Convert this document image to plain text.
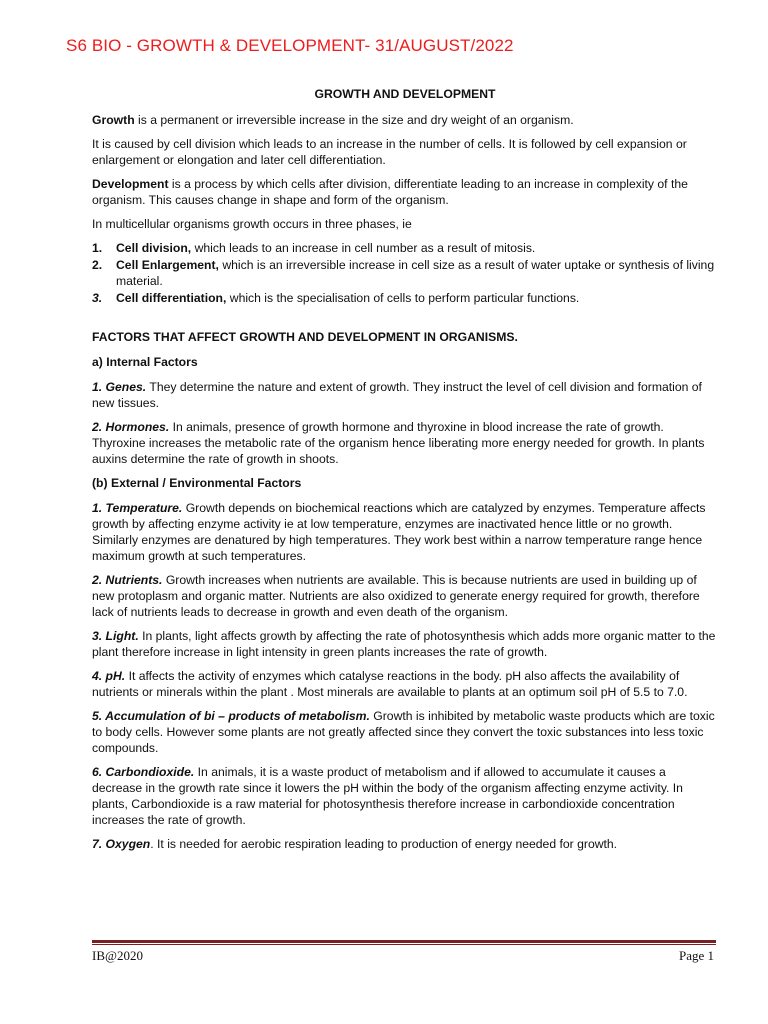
S6 BIO - GROWTH & DEVELOPMENT- 31/AUGUST/2022
GROWTH AND DEVELOPMENT

Growth is a permanent or irreversible increase in the size and dry weight of an organism.

It is caused by cell division which leads to an increase in the number of cells. It is followed by cell expansion or enlargement or elongation and later cell differentiation.

Development is a process by which cells after division, differentiate leading to an increase in complexity of the organism. This causes change in shape and form of the organism.

In multicellular organisms growth occurs in three phases, ie

1. Cell division, which leads to an increase in cell number as a result of mitosis.
2. Cell Enlargement, which is an irreversible increase in cell size as a result of water uptake or synthesis of living material.
3. Cell differentiation, which is the specialisation of cells to perform particular functions.
FACTORS THAT AFFECT GROWTH AND DEVELOPMENT IN ORGANISMS.
a) Internal Factors

1. Genes. They determine the nature and extent of growth. They instruct the level of cell division and formation of new tissues.

2. Hormones. In animals, presence of growth hormone and thyroxine in blood increase the rate of growth. Thyroxine increases the metabolic rate of the organism hence liberating more energy needed for growth. In plants auxins determine the rate of growth in shoots.

(b) External / Environmental Factors

1. Temperature. Growth depends on biochemical reactions which are catalyzed by enzymes. Temperature affects growth by affecting enzyme activity ie at low temperature, enzymes are inactivated hence little or no growth. Similarly enzymes are denatured by high temperatures. They work best within a narrow temperature range hence maximum growth at such temperatures.

2. Nutrients. Growth increases when nutrients are available. This is because nutrients are used in building up of new protoplasm and organic matter. Nutrients are also oxidized to generate energy required for growth, therefore lack of nutrients leads to decrease in growth and even death of the organism.

3. Light. In plants, light affects growth by affecting the rate of photosynthesis which adds more organic matter to the plant therefore increase in light intensity in green plants increases the rate of growth.

4. pH. It affects the activity of enzymes which catalyse reactions in the body. pH also affects the availability of nutrients or minerals within the plant . Most minerals are available to plants at an optimum soil pH of 5.5 to 7.0.

5. Accumulation of bi – products of metabolism. Growth is inhibited by metabolic waste products which are toxic to body cells. However some plants are not greatly affected since they convert the toxic substances into less toxic compounds.

6. Carbondioxide. In animals, it is a waste product of metabolism and if allowed to accumulate it causes a decrease in the growth rate since it lowers the pH within the body of the organism affecting enzyme activity. In plants, Carbondioxide is a raw material for photosynthesis therefore increase in carbondioxide concentration increases the rate of growth.

7. Oxygen. It is needed for aerobic respiration leading to production of energy needed for growth.

IB@2020	Page 1
